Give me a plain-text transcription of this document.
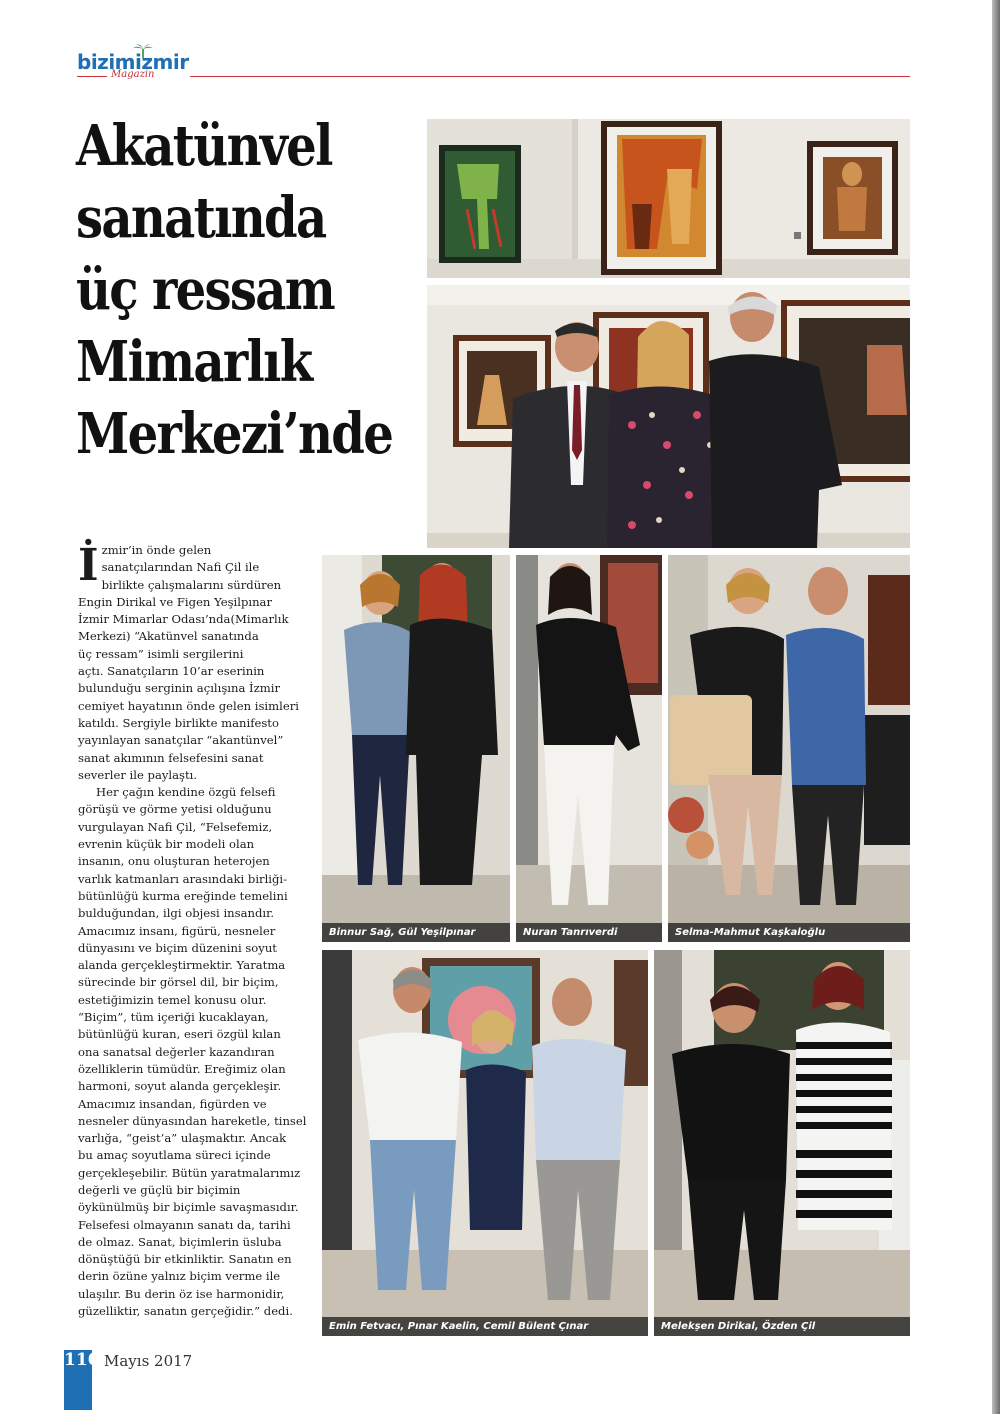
bizimizmir
Magazin
Akatünvel
sanatında
üç ressam
Mimarlık
Merkezi’nde

İ zmir’in önde gelen
sanatçılarından Nafi Çil ile
birlikte çalışmalarını sürdüren
Engin Dirikal ve Figen Yeşilpınar
İzmir Mimarlar Odası’nda(Mimarlık
Merkezi) “Akatünvel sanatında
üç ressam” isimli sergilerini
açtı. Sanatçıların 10’ar eserinin
bulunduğu serginin açılışına İzmir
cemiyet hayatının önde gelen isimleri
katıldı. Sergiyle birlikte manifesto
yayınlayan sanatçılar “akantünvel”
sanat akımının felsefesini sanat
severler ile paylaştı.

Her çağın kendine özgü felsefi
görüşü ve görme yetisi olduğunu
vurgulayan Nafi Çil, “Felsefemiz,
evrenin küçük bir modeli olan
insanın, onu oluşturan heterojen
varlık katmanları arasındaki birliği-
bütünlüğü kurma ereğinde temelini
bulduğundan, ilgi objesi insandır.
Amacımız insanı, figürü, nesneler
dünyasını ve biçim düzenini soyut
alanda gerçekleştirmektir. Yaratma
sürecinde bir görsel dil, bir biçim,
estetiğimizin temel konusu olur.
“Biçim”, tüm içeriği kucaklayan,
bütünlüğü kuran, eseri özgül kılan
ona sanatsal değerler kazandıran
özelliklerin tümüdür. Ereğimiz olan
harmoni, soyut alanda gerçekleşir.
Amacımız insandan, figürden ve
nesneler dünyasından hareketle, tinsel
varlığa, “geist’a” ulaşmaktır. Ancak
bu amaç soyutlama süreci içinde
gerçekleşebilir. Bütün yaratmalarımız
değerli ve güçlü bir biçimin
öykünülmüş bir biçimle savaşmasıdır.
Felsefesi olmayanın sanatı da, tarihi
de olmaz. Sanat, biçimlerin üsluba
dönüştüğü bir etkinliktir. Sanatın en
derin özüne yalnız biçim verme ile
ulaşılır. Bu derin öz ise harmonidir,
güzelliktir, sanatın gerçeğidir.” dedi.

Binnur Sağ, Gül Yeşilpınar	Nuran Tanrıverdi	Selma-Mahmut Kaşkaloğlu
Emin Fetvacı, Pınar Kaelin, Cemil Bülent Çınar	Melekşen Dirikal, Özden Çil
116 Mayıs 2017
